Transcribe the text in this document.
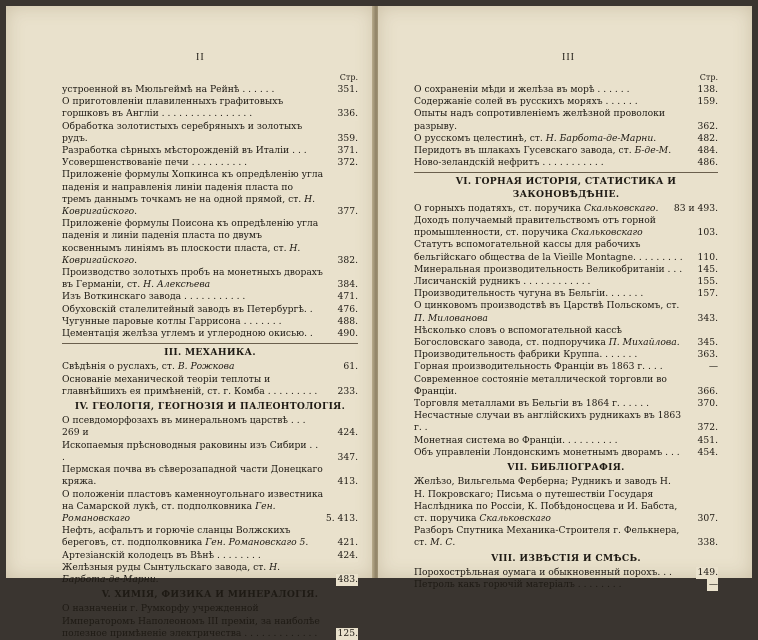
II
Стр.
устроенной въ Мюльгеймѣ на Рейнѣ . . . . . .	351.
О приготовленіи плавиленныхъ графитовыхъ горшковъ въ Англіи . . . . . . . . . . . . . . . .	336.
Обработка золотистыхъ серебряныхъ и золотыхъ рудъ.	359.
Разработка сѣрныхъ мѣсторожденій въ Италіи . . .	371.
Усовершенствованіе печи . . . . . . . . . .	372.
Приложеніе формулы Хопкинса къ опредѣленію угла паденія и направленія линіи паденія пласта по тремъ даннымъ точкамъ не на одной прямой, ст. Н. Ковригайского.	377.
Приложеніе формулы Поисона къ опредѣленію угла паденія и линіи паденія пласта по двумъ косвеннымъ линіямъ въ плоскости пласта, ст. Н. Ковригайского.	382.
Производство золотыхъ пробъ на монетныхъ дворахъ въ Германіи, ст. Н. Алексѣева	384.
Изъ Воткинскаго завода . . . . . . . . . . .	471.
Обуховскій сталелитейный заводъ въ Петербургѣ. .	476.
Чугунные паровые котлы Гаррисона . . . . . . .	488.
Цементація желѣза углемъ и углеродною окисью. .	490.
III. МЕХАНИКА.
Свѣдѣнія о руслахъ, ст. В. Рожкова	61.
Основаніе механической теоріи теплоты и главнѣйшихъ ея примѣненій, ст. г. Комба . . . . . . . . . 233.
IV. ГЕОЛОГІЯ, ГЕОГНОЗІЯ И ПАЛЕОНТОЛОГІЯ.
О псевдоморфозахъ въ минеральномъ царствѣ . . . 269 и	424.
Ископаемыя прѣсноводныя раковины изъ Сибири . . .	347.
Пермская почва въ сѣверозападной части Донецкаго кряжа.	413.
О положеніи пластовъ каменноугольнаго известника на Самарской лукѣ, ст. подполковника Ген. Романовскаго	5. 413.
Нефть, асфальтъ и горючіе сланцы Волжскихъ береговъ, ст. подполковника Ген. Романовскаго 5.	421.
Артезіанскій колодецъ въ Вѣнѣ . . . . . . . .	424.
Желѣзныя руды Сынтульскаго завода, ст. Н. Барбота-де-Марни.	483.
V. ХИМІЯ, ФИЗИКА И МИНЕРАЛОГІЯ.
О назначеніи г. Румкорфу учрежденной Императоромъ Наполеономъ III преміи, за наиболѣе полезное примѣненіе электричества . . . . . . . . . . . . . 125.
III
Стр.
О сохраненіи мѣди и желѣза въ морѣ . . . . . .	138.
Содержаніе солей въ русскихъ моряхъ . . . . . .	159.
Опыты надъ сопротивленіемъ желѣзной проволоки разрыву.	362.
О русскомъ целестинѣ, ст. Н. Барбота-де-Марни.	482.
Перидотъ въ шлакахъ Гусевскаго завода, ст. Б-де-М.	484.
Ново-зеландскій нефритъ . . . . . . . . . . .	486.
VI. ГОРНАЯ ИСТОРІЯ, СТАТИСТИКА И ЗАКОНОВѢДѢНІЕ.
О горныхъ податяхъ, ст. поручика Скальковскаго. 83 и 493.
Доходъ получаемый правительствомъ отъ горной промышленности, ст. поручика Скальковскаго	103.
Статутъ вспомогательной кассы для рабочихъ бельгійскаго общества de la Vieille Montagne. . . . . . . . . 110.
Минеральная производительность Великобританіи . . . 145.
Лисичанскій рудникъ . . . . . . . . . . . .	155.
Производительность чугуна въ Бельгіи. . . . . . .	157.
О цинковомъ производствѣ въ Царствѣ Польскомъ, ст. П. Милованова	343.
Нѣсколько словъ о вспомогательной кассѣ Богословскаго завода, ст. подпоручика П. Михайлова. 345.
Производительность фабрики Круппа. . . . . . .	363.
Горная производительность Франціи въ 1863 г. . . .	—
Современное состояніе металлической торговли во Франціи.	366.
Торговля металлами въ Бельгіи въ 1864 г. . . . . .	370.
Несчастные случаи въ англійскихъ рудникахъ въ 1863 г. .	372.
Монетная система во Франціи. . . . . . . . . .	451.
Объ управленіи Лондонскимъ монетнымъ дворамъ . . . 454.
VII. БИБЛІОГРАФІЯ.
Желѣзо, Вильгельма Ферберна; Рудникъ и заводъ Н. Н. Покровскаго; Письма о путешествіи Государя Наслѣдника по Россіи, К. Побѣдоносцева и И. Бабста, ст. поручика Скальковскаго	307.
Разборъ Спутника Механика-Строителя г. Фелькнера, ст. М. С.	338.
VIII. ИЗВѢСТІЯ И СМѢСЬ.
Порохострѣльная оумага и обыкновенный порохъ. . .	149.
Петроль какъ горючій матеріалъ . . . . . . . .	—
